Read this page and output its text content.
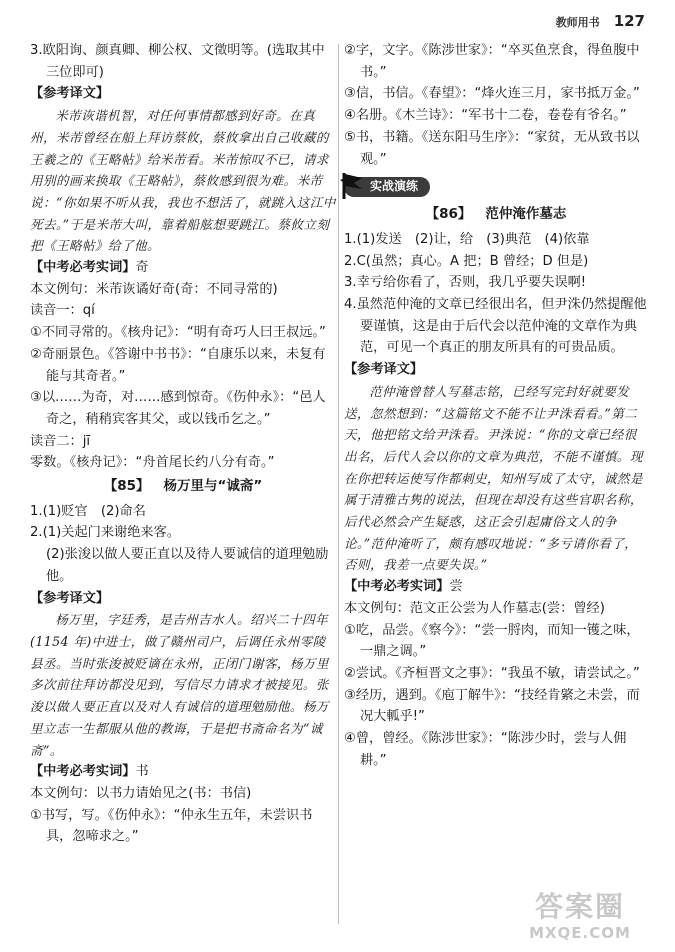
教师用书 127

3.欧阳询、颜真卿、柳公权、文徵明等。(选取其中三位即可)

【参考译文】

米芾诙谐机智，对任何事情都感到好奇。在真州，米芾曾经在船上拜访蔡攸，蔡攸拿出自己收藏的王羲之的《王略帖》给米芾看。米芾惊叹不已，请求用别的画来换取《王略帖》，蔡攸感到很为难。米芾说：“你如果不听从我，我也不想活了，就跳入这江中死去。”于是米芾大叫，靠着船舷想要跳江。蔡攸立刻把《王略帖》给了他。

【中考必考实词】奇

本文例句：米芾诙谲好奇(奇：不同寻常的)

读音一：qí

①不同寻常的。《核舟记》：“明有奇巧人曰王叔远。”

②奇丽景色。《答谢中书书》：“自康乐以来，未复有能与其奇者。”

③以……为奇，对……感到惊奇。《伤仲永》：“邑人奇之，稍稍宾客其父，或以钱币乞之。”

读音二：jī

零数。《核舟记》：“舟首尾长约八分有奇。”

【85】 杨万里与“诚斋”

1.(1)贬官　(2)命名

2.(1)关起门来谢绝来客。

(2)张浚以做人要正直以及待人要诚信的道理勉励他。

【参考译文】

杨万里，字廷秀，是吉州吉水人。绍兴二十四年(1154 年)中进士，做了赣州司户，后调任永州零陵县丞。当时张浚被贬谪在永州，正闭门谢客，杨万里多次前往拜访都没见到，写信尽力请求才被接见。张浚以做人要正直以及对人有诚信的道理勉励他。杨万里立志一生都服从他的教诲，于是把书斋命名为“诚斋”。

【中考必考实词】书

本文例句：以书力请始见之(书：书信)

①书写，写。《伤仲永》：“仲永生五年，未尝识书具，忽啼求之。”

②字，文字。《陈涉世家》：“卒买鱼烹食，得鱼腹中书。”

③信，书信。《春望》：“烽火连三月，家书抵万金。”

④名册。《木兰诗》：“军书十二卷，卷卷有爷名。”

⑤书，书籍。《送东阳马生序》：“家贫，无从致书以观。”

实战演练

【86】 范仲淹作墓志

1.(1)发送　(2)让，给　(3)典范　(4)依靠

2.C(虽然；真心。A 把；B 曾经；D 但是)

3.幸亏给你看了，否则，我几乎要失误啊!

4.虽然范仲淹的文章已经很出名，但尹洙仍然提醒他要谨慎，这是由于后代会以范仲淹的文章作为典范，可见一个真正的朋友所具有的可贵品质。

【参考译文】

范仲淹曾替人写墓志铭，已经写完封好就要发送，忽然想到：“这篇铭文不能不让尹洙看看。”第二天，他把铭文给尹洙看。尹洙说：“你的文章已经很出名，后代人会以你的文章为典范，不能不谨慎。现在你把转运使写作都刺史，知州写成了太守，诚然是属于清雅古隽的说法，但现在却没有这些官职名称，后代必然会产生疑惑，这正会引起庸俗文人的争论。”范仲淹听了，颇有感叹地说：“多亏请你看了，否则，我差一点要失误。”

【中考必考实词】尝

本文例句：范文正公尝为人作墓志(尝：曾经)

①吃，品尝。《察今》：“尝一脟肉，而知一镬之味，一鼎之调。”

②尝试。《齐桓晋文之事》：“我虽不敏，请尝试之。”

③经历，遇到。《庖丁解牛》：“技经肯綮之未尝，而况大軱乎!”

④曾，曾经。《陈涉世家》：“陈涉少时，尝与人佣耕。”

答案圈
MXQE.COM
